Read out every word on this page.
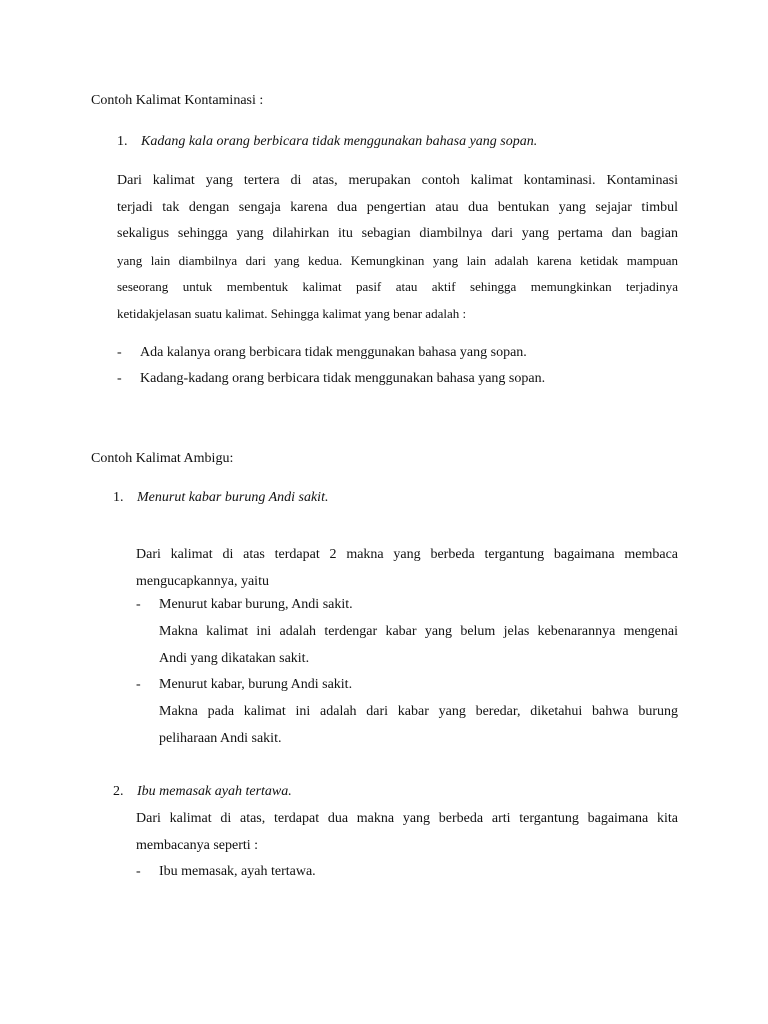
Contoh Kalimat Kontaminasi :
1. Kadang kala orang berbicara tidak menggunakan bahasa yang sopan.
Dari kalimat yang tertera di atas, merupakan contoh kalimat kontaminasi. Kontaminasi
terjadi tak dengan sengaja karena dua pengertian atau dua bentukan yang sejajar timbul
sekaligus sehingga yang dilahirkan itu sebagian diambilnya dari yang pertama dan bagian
yang lain diambilnya dari yang kedua. Kemungkinan yang lain adalah karena ketidak mampuan
seseorang untuk membentuk kalimat pasif atau aktif sehingga memungkinkan terjadinya
ketidakjelasan suatu kalimat. Sehingga kalimat yang benar adalah :
- Ada kalanya orang berbicara tidak menggunakan bahasa yang sopan.
- Kadang-kadang orang berbicara tidak menggunakan bahasa yang sopan.
Contoh Kalimat Ambigu:
1. Menurut kabar burung Andi sakit.
Dari kalimat di atas terdapat 2 makna yang berbeda tergantung bagaimana membaca
mengucapkannya, yaitu
- Menurut kabar burung, Andi sakit.
Makna kalimat ini adalah terdengar kabar yang belum jelas kebenarannya mengenai
Andi yang dikatakan sakit.
- Menurut kabar, burung Andi sakit.
Makna pada kalimat ini adalah dari kabar yang beredar, diketahui bahwa burung
peliharaan Andi sakit.
2. Ibu memasak ayah tertawa.
Dari kalimat di atas, terdapat dua makna yang berbeda arti tergantung bagaimana kita
membacanya seperti :
- Ibu memasak, ayah tertawa.
